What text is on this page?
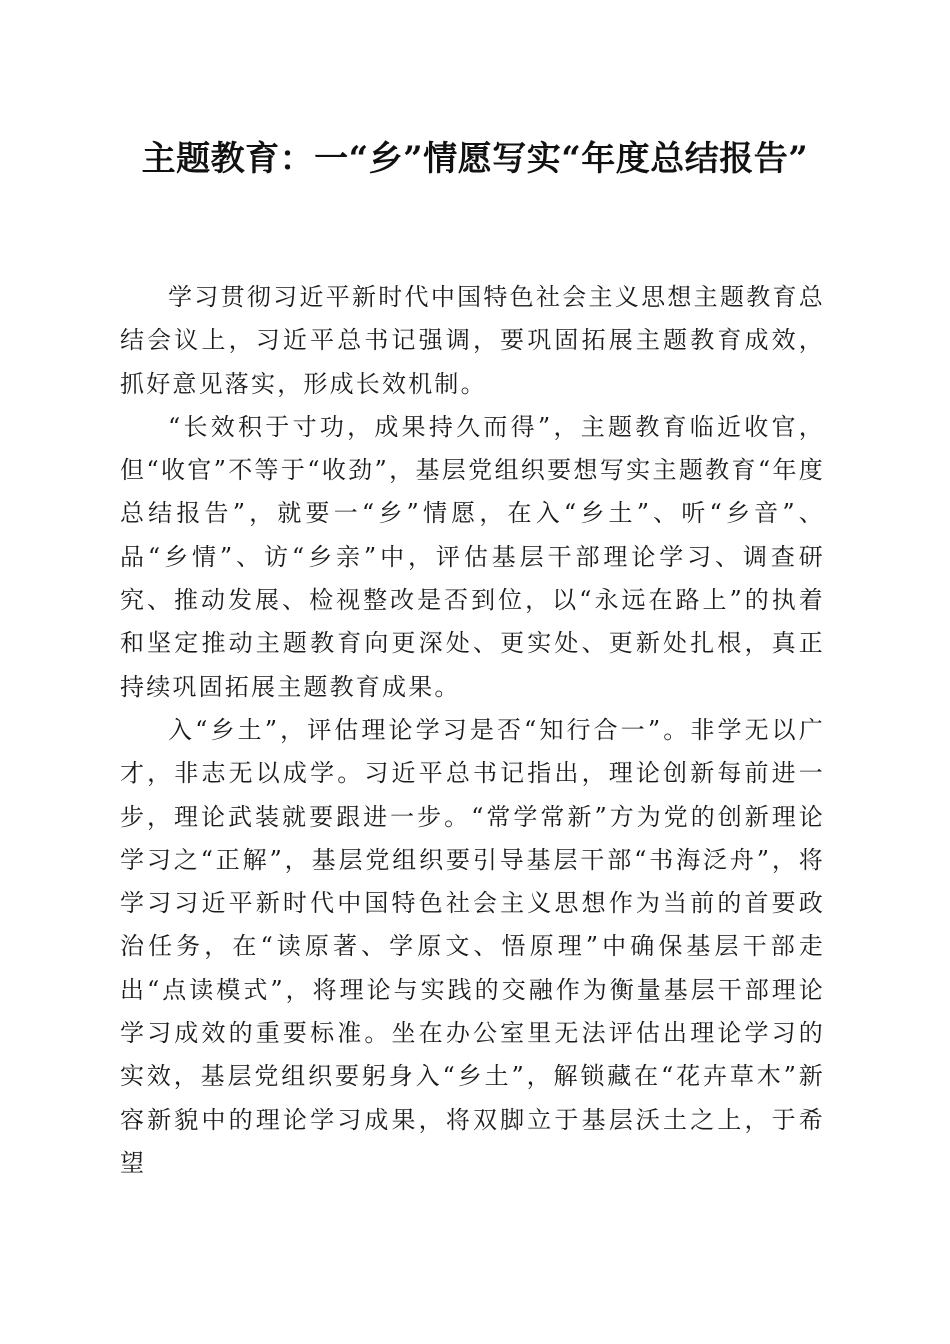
主题教育：一“乡”情愿写实“年度总结报告”

学习贯彻习近平新时代中国特色社会主义思想主题教育总结会议上，习近平总书记强调，要巩固拓展主题教育成效，抓好意见落实，形成长效机制。

“长效积于寸功，成果持久而得”，主题教育临近收官，但“收官”不等于“收劲”，基层党组织要想写实主题教育“年度总结报告”，就要一“乡”情愿，在入“乡土”、听“乡音”、品“乡情”、访“乡亲”中，评估基层干部理论学习、调查研究、推动发展、检视整改是否到位，以“永远在路上”的执着和坚定推动主题教育向更深处、更实处、更新处扎根，真正持续巩固拓展主题教育成果。

入“乡土”，评估理论学习是否“知行合一”。非学无以广才，非志无以成学。习近平总书记指出，理论创新每前进一步，理论武装就要跟进一步。“常学常新”方为党的创新理论学习之“正解”，基层党组织要引导基层干部“书海泛舟”，将学习习近平新时代中国特色社会主义思想作为当前的首要政治任务，在“读原著、学原文、悟原理”中确保基层干部走出“点读模式”，将理论与实践的交融作为衡量基层干部理论学习成效的重要标准。坐在办公室里无法评估出理论学习的实效，基层党组织要躬身入“乡土”，解锁藏在“花卉草木”新容新貌中的理论学习成果，将双脚立于基层沃土之上，于希望
